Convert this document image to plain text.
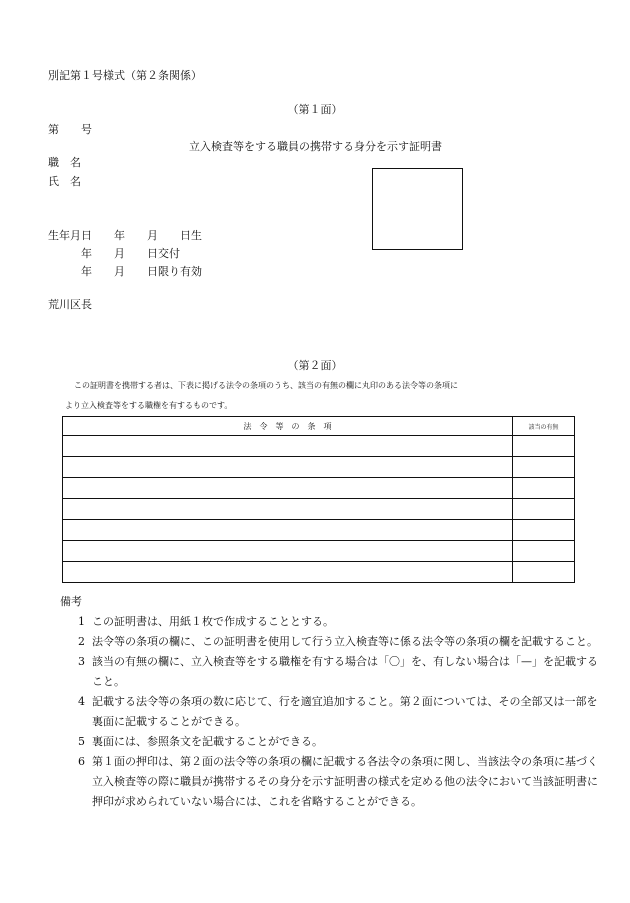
別記第１号様式（第２条関係）
（第１面）
第　　号
立入検査等をする職員の携帯する身分を示す証明書
職　名
氏　名
生年月日　　年　　月　　日生
年　　月　　日交付
年　　月　　日限り有効
荒川区長
（第２面）
この証明書を携帯する者は、下表に掲げる法令の条項のうち、該当の有無の欄に丸印のある法令等の条項に
より立入検査等をする職権を有するものです。
法　令　等　の　条　項	該当の有無

備考
1 この証明書は、用紙１枚で作成することとする。
2 法令等の条項の欄に、この証明書を使用して行う立入検査等に係る法令等の条項の欄を記載すること。
3 該当の有無の欄に、立入検査等をする職権を有する場合は「〇」を、有しない場合は「—」を記載すること。
4 記載する法令等の条項の数に応じて、行を適宜追加すること。第２面については、その全部又は一部を裏面に記載することができる。
5 裏面には、参照条文を記載することができる。
6 第１面の押印は、第２面の法令等の条項の欄に記載する各法令の条項に関し、当該法令の条項に基づく立入検査等の際に職員が携帯するその身分を示す証明書の様式を定める他の法令において当該証明書に押印が求められていない場合には、これを省略することができる。
